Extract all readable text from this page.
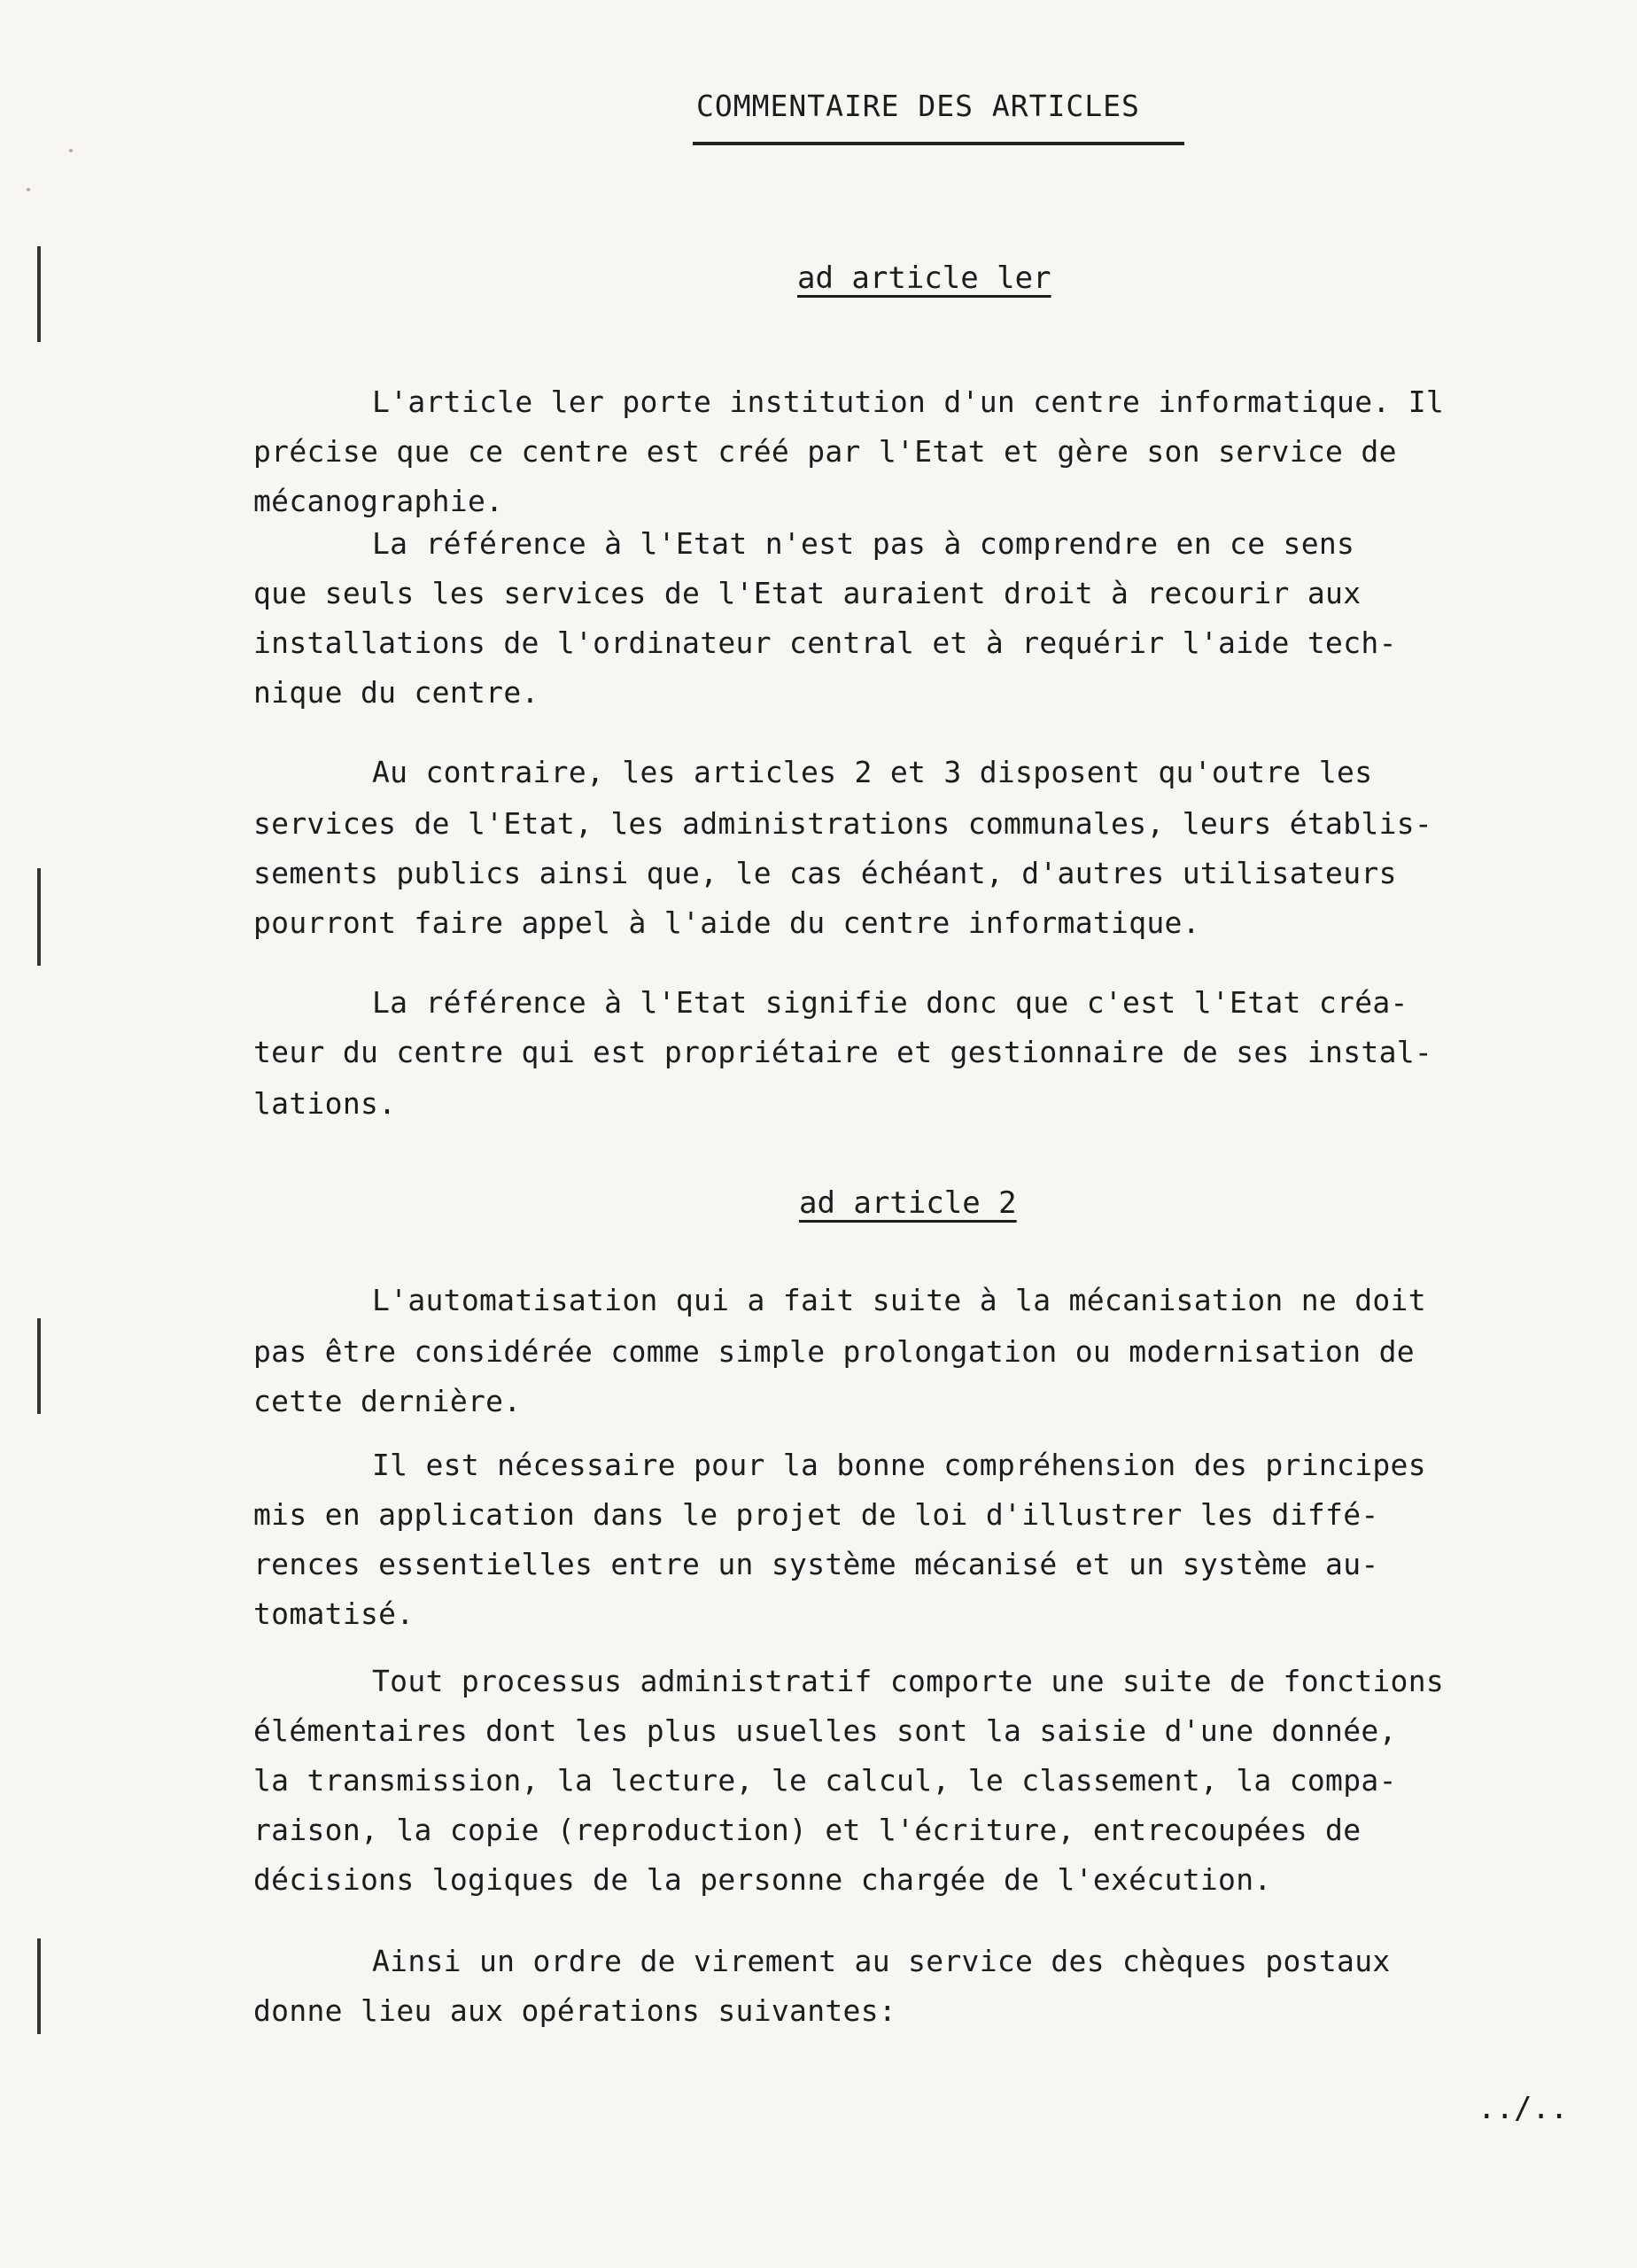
COMMENTAIRE DES ARTICLES
ad article ler
L'article ler porte institution d'un centre informatique. Il
précise que ce centre est créé par l'Etat et gère son service de
mécanographie.
La référence à l'Etat n'est pas à comprendre en ce sens
que seuls les services de l'Etat auraient droit à recourir aux
installations de l'ordinateur central et à requérir l'aide tech-
nique du centre.
Au contraire, les articles 2 et 3 disposent qu'outre les
services de l'Etat, les administrations communales, leurs établis-
sements publics ainsi que, le cas échéant, d'autres utilisateurs
pourront faire appel à l'aide du centre informatique.
La référence à l'Etat signifie donc que c'est l'Etat créa-
teur du centre qui est propriétaire et gestionnaire de ses instal-
lations.
ad article 2
L'automatisation qui a fait suite à la mécanisation ne doit
pas être considérée comme simple prolongation ou modernisation de
cette dernière.
Il est nécessaire pour la bonne compréhension des principes
mis en application dans le projet de loi d'illustrer les diffé-
rences essentielles entre un système mécanisé et un système au-
tomatisé.
Tout processus administratif comporte une suite de fonctions
élémentaires dont les plus usuelles sont la saisie d'une donnée,
la transmission, la lecture, le calcul, le classement, la compa-
raison, la copie (reproduction) et l'écriture, entrecoupées de
décisions logiques de la personne chargée de l'exécution.
Ainsi un ordre de virement au service des chèques postaux
donne lieu aux opérations suivantes:
../..
